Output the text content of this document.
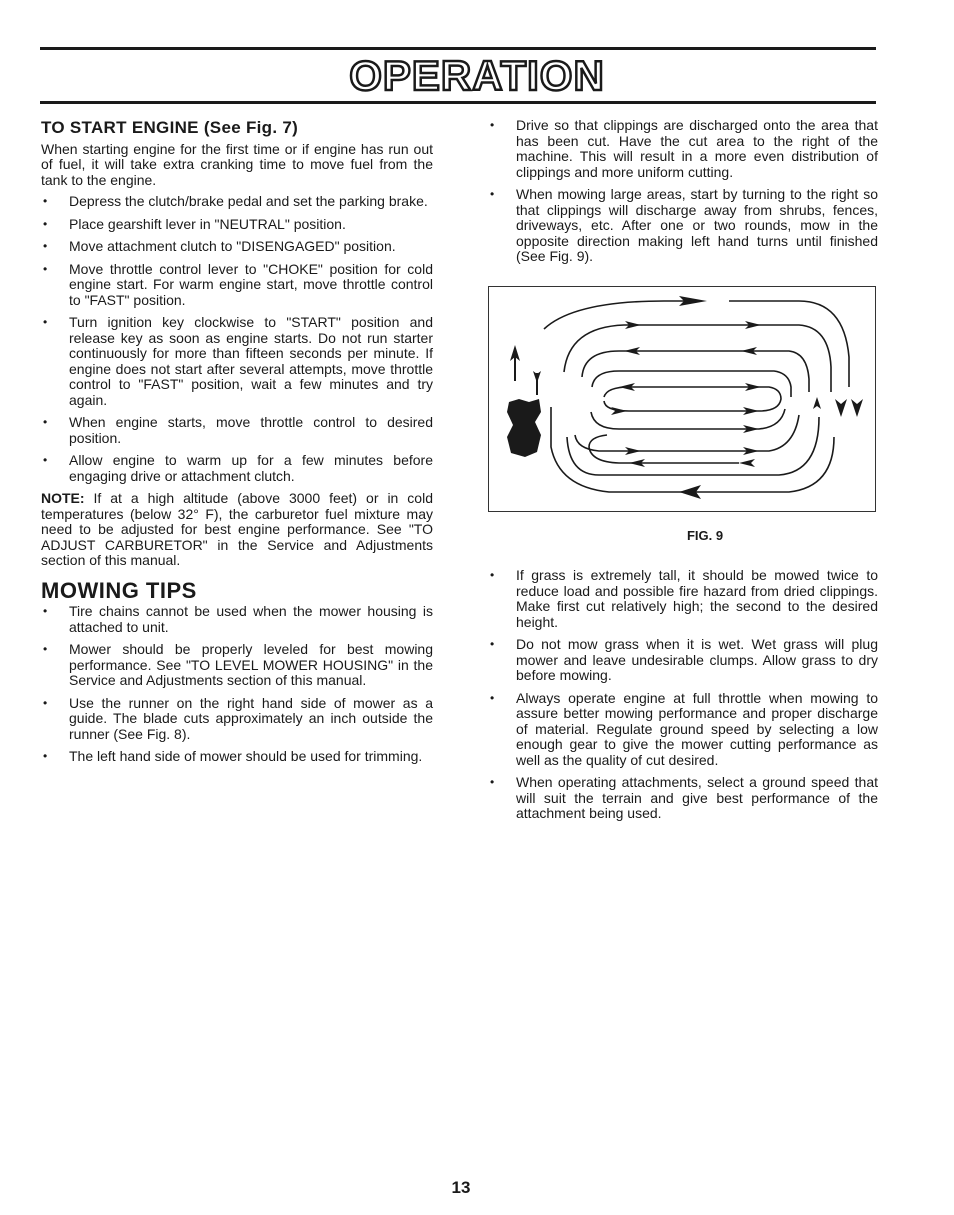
OPERATION
TO START ENGINE (See Fig. 7)

When starting engine for the first time or if engine has run out of fuel, it will take extra cranking time to move fuel from the tank to the engine.

• Depress the clutch/brake pedal and set the parking brake.
• Place gearshift lever in "NEUTRAL" position.
• Move attachment clutch to "DISENGAGED" position.
• Move throttle control lever to "CHOKE" position for cold engine start. For warm engine start, move throttle control to "FAST" position.
• Turn ignition key clockwise to "START" position and release key as soon as engine starts. Do not run starter continuously for more than fifteen seconds per minute. If engine does not start after several attempts, move throttle control to "FAST" position, wait a few minutes and try again.
• When engine starts, move throttle control to desired position.
• Allow engine to warm up for a few minutes before engaging drive or attachment clutch.

NOTE: If at a high altitude (above 3000 feet) or in cold temperatures (below 32° F), the carburetor fuel mixture may need to be adjusted for best engine performance. See "TO ADJUST CARBURETOR" in the Service and Adjustments section of this manual.

MOWING TIPS
• Tire chains cannot be used when the mower housing is attached to unit.
• Mower should be properly leveled for best mowing performance. See "TO LEVEL MOWER HOUSING" in the Service and Adjustments section of this manual.
• Use the runner on the right hand side of mower as a guide. The blade cuts approximately an inch outside the runner (See Fig. 8).
• The left hand side of mower should be used for trimming.
• Drive so that clippings are discharged onto the area that has been cut. Have the cut area to the right of the machine. This will result in a more even distribution of clippings and more uniform cutting.
• When mowing large areas, start by turning to the right so that clippings will discharge away from shrubs, fences, driveways, etc. After one or two rounds, mow in the opposite direction making left hand turns until finished (See Fig. 9).
FIG. 9
• If grass is extremely tall, it should be mowed twice to reduce load and possible fire hazard from dried clippings. Make first cut relatively high; the second to the desired height.
• Do not mow grass when it is wet. Wet grass will plug mower and leave undesirable clumps. Allow grass to dry before mowing.
• Always operate engine at full throttle when mowing to assure better mowing performance and proper discharge of material. Regulate ground speed by selecting a low enough gear to give the mower cutting performance as well as the quality of cut desired.
• When operating attachments, select a ground speed that will suit the terrain and give best performance of the attachment being used.
13
